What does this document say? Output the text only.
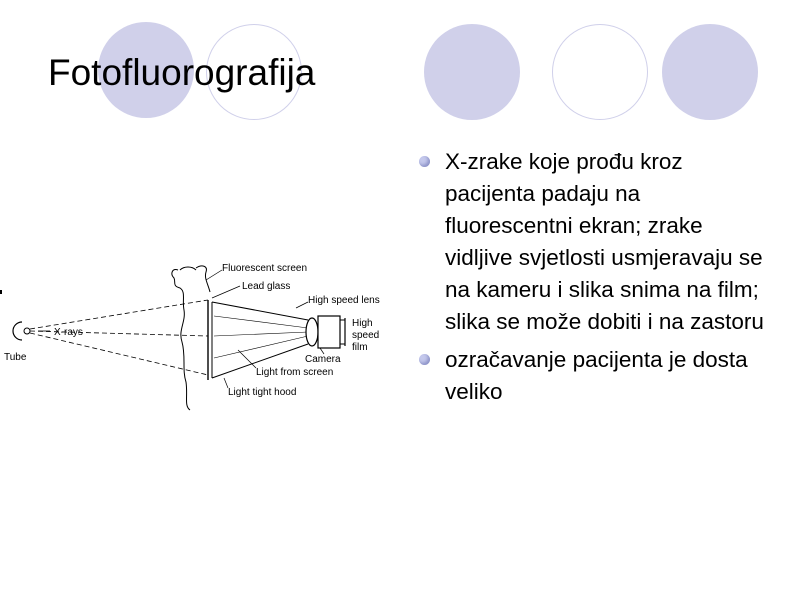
Fotofluorografija
Fluorescent screen
Lead glass
High speed lens
High
speed
film
X-rays
Tube	Camera
Light from screen
Light tight hood
X-zrake koje prođu kroz pacijenta padaju na fluorescentni ekran; zrake vidljive svjetlosti usmjeravaju se na kameru i slika snima na film; slika se može dobiti i na zastoru
ozračavanje pacijenta je dosta veliko
